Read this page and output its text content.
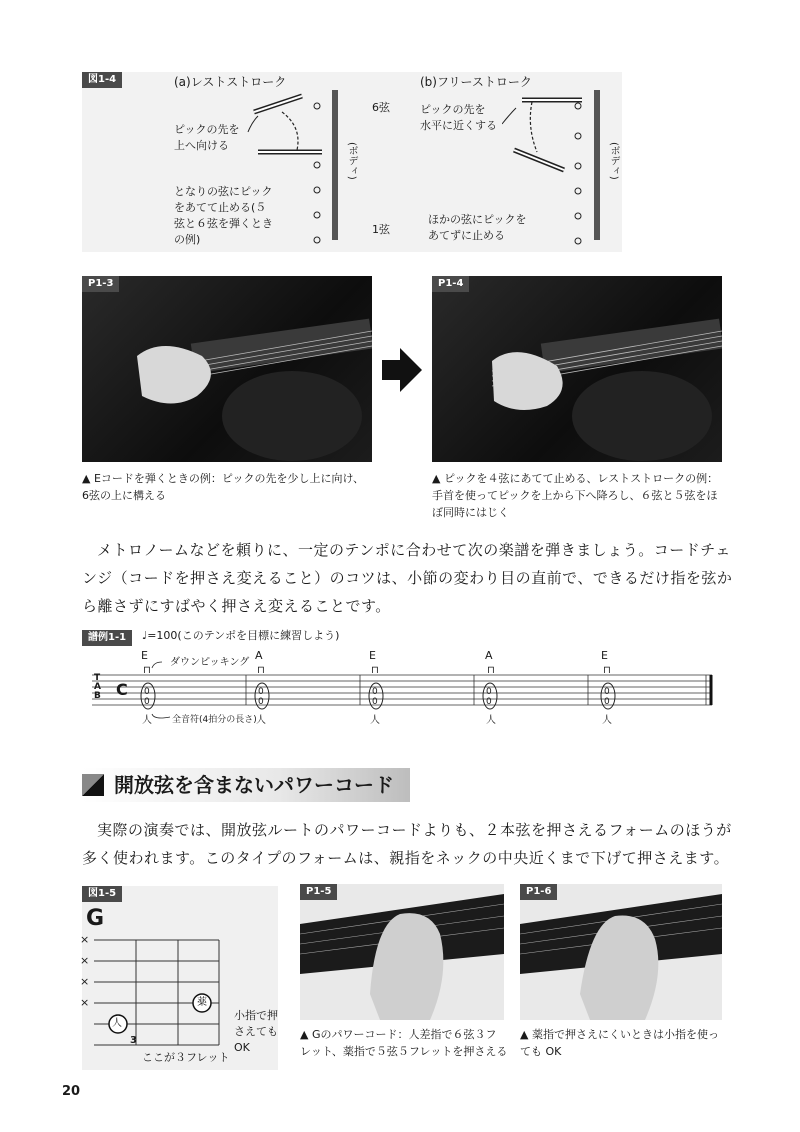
図1-4	(a)レストストローク
ピックの先を
上へ向ける
となりの弦にピック
をあてて止める(５
弦と６弦を弾くとき
の例)
(ボディ)
6弦
1弦
(b)フリーストローク
ピックの先を
水平に近くする
ほかの弦にピックを
あてずに止める
(ボディ)
P1-3	P1-4
▲ Eコードを弾くときの例：ピックの先を少し上に向け、
6弦の上に構える
▲ ピックを４弦にあてて止める、レストストロークの例：
手首を使ってピックを上から下へ降ろし、６弦と５弦をほ
ぼ同時にはじく
メトロノームなどを頼りに、一定のテンポに合わせて次の楽譜を弾きましょう。コードチェ
ンジ（コードを押さえ変えること）のコツは、小節の変わり目の直前で、できるだけ指を弦か
ら離さずにすばやく押さえ変えることです。
譜例1-1	♩=100(このテンポを目標に練習しよう)
T
A
B C
ダウンピッキング
全音符(4拍分の長さ)
E	A	E	A	E
⊓	⊓	⊓	⊓	⊓
0
0
0
0
0
0
0
0
0
0
人	人	人	人	人
開放弦を含まないパワーコード
実際の演奏では、開放弦ルートのパワーコードよりも、２本弦を押さえるフォームのほうが
多く使われます。このタイプのフォームは、親指をネックの中央近くまで下げて押さえます。
図1-5
G
×
×
×
×
人
薬
3
小指で押
さえても
OK
ここが３フレット
P1-5
▲ Gのパワーコード：人差指で６弦３フ
レット、薬指で５弦５フレットを押さえる
P1-6
▲ 薬指で押さえにくいときは小指を使っ
ても OK
20
